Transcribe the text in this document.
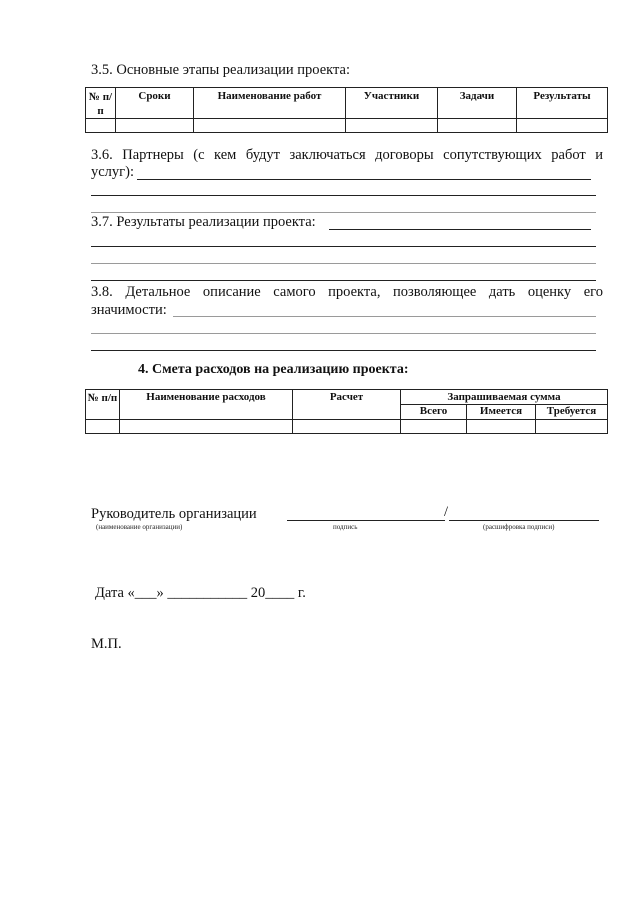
3.5. Основные этапы реализации проекта:
№ п/п	Сроки	Наименование работ	Участники	Задачи	Результаты

3.6. Партнеры (с кем будут заключаться договоры сопутствующих работ и
услуг):
3.7. Результаты реализации проекта:
3.8. Детальное описание самого проекта, позволяющее дать оценку его
значимости:
4. Смета расходов на реализацию проекта:
№ п/п	Наименование расходов	Расчет	Запрашиваемая сумма		
			Всего	Имеется	Требуется

Руководитель организации	/
(наименование организации)	подпись	(расшифровка подписи)
Дата «___» ___________ 20____ г.
М.П.
